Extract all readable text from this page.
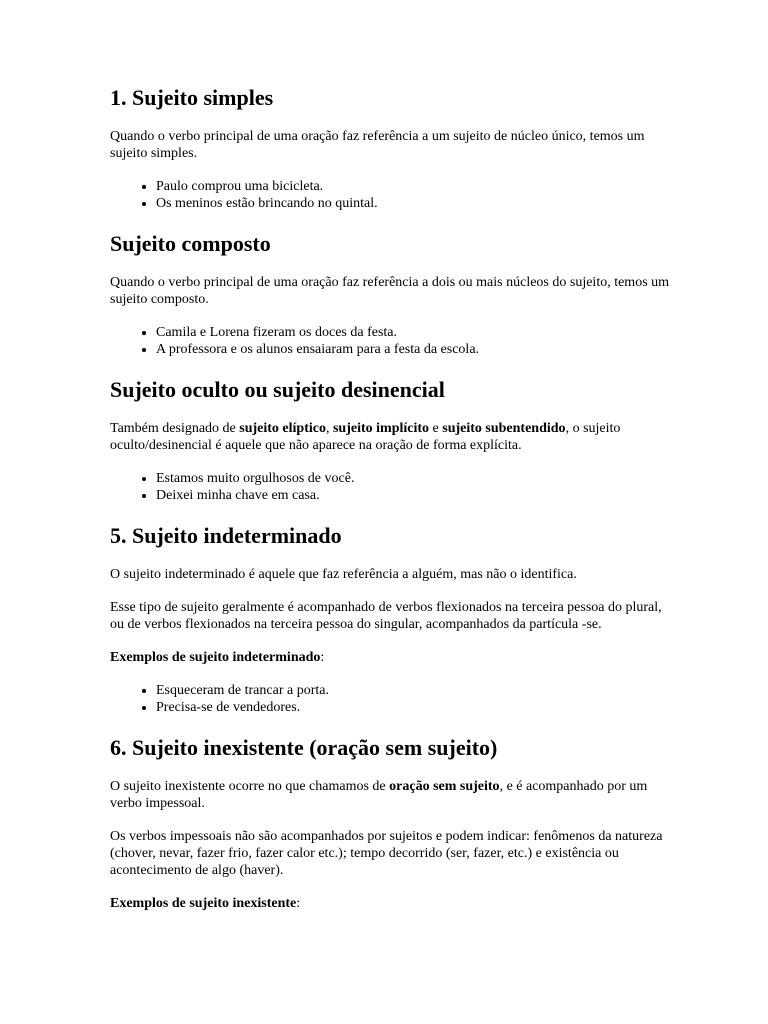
1. Sujeito simples

Quando o verbo principal de uma oração faz referência a um sujeito de núcleo único, temos um sujeito simples.

• Paulo comprou uma bicicleta.
• Os meninos estão brincando no quintal.
Sujeito composto

Quando o verbo principal de uma oração faz referência a dois ou mais núcleos do sujeito, temos um sujeito composto.

• Camila e Lorena fizeram os doces da festa.
• A professora e os alunos ensaiaram para a festa da escola.
Sujeito oculto ou sujeito desinencial

Também designado de sujeito elíptico, sujeito implícito e sujeito subentendido, o sujeito oculto/desinencial é aquele que não aparece na oração de forma explícita.

• Estamos muito orgulhosos de você.
• Deixei minha chave em casa.
5. Sujeito indeterminado

O sujeito indeterminado é aquele que faz referência a alguém, mas não o identifica.

Esse tipo de sujeito geralmente é acompanhado de verbos flexionados na terceira pessoa do plural, ou de verbos flexionados na terceira pessoa do singular, acompanhados da partícula -se.

Exemplos de sujeito indeterminado:

• Esqueceram de trancar a porta.
• Precisa-se de vendedores.
6. Sujeito inexistente (oração sem sujeito)

O sujeito inexistente ocorre no que chamamos de oração sem sujeito, e é acompanhado por um verbo impessoal.

Os verbos impessoais não são acompanhados por sujeitos e podem indicar: fenômenos da natureza (chover, nevar, fazer frio, fazer calor etc.); tempo decorrido (ser, fazer, etc.) e existência ou acontecimento de algo (haver).

Exemplos de sujeito inexistente:
